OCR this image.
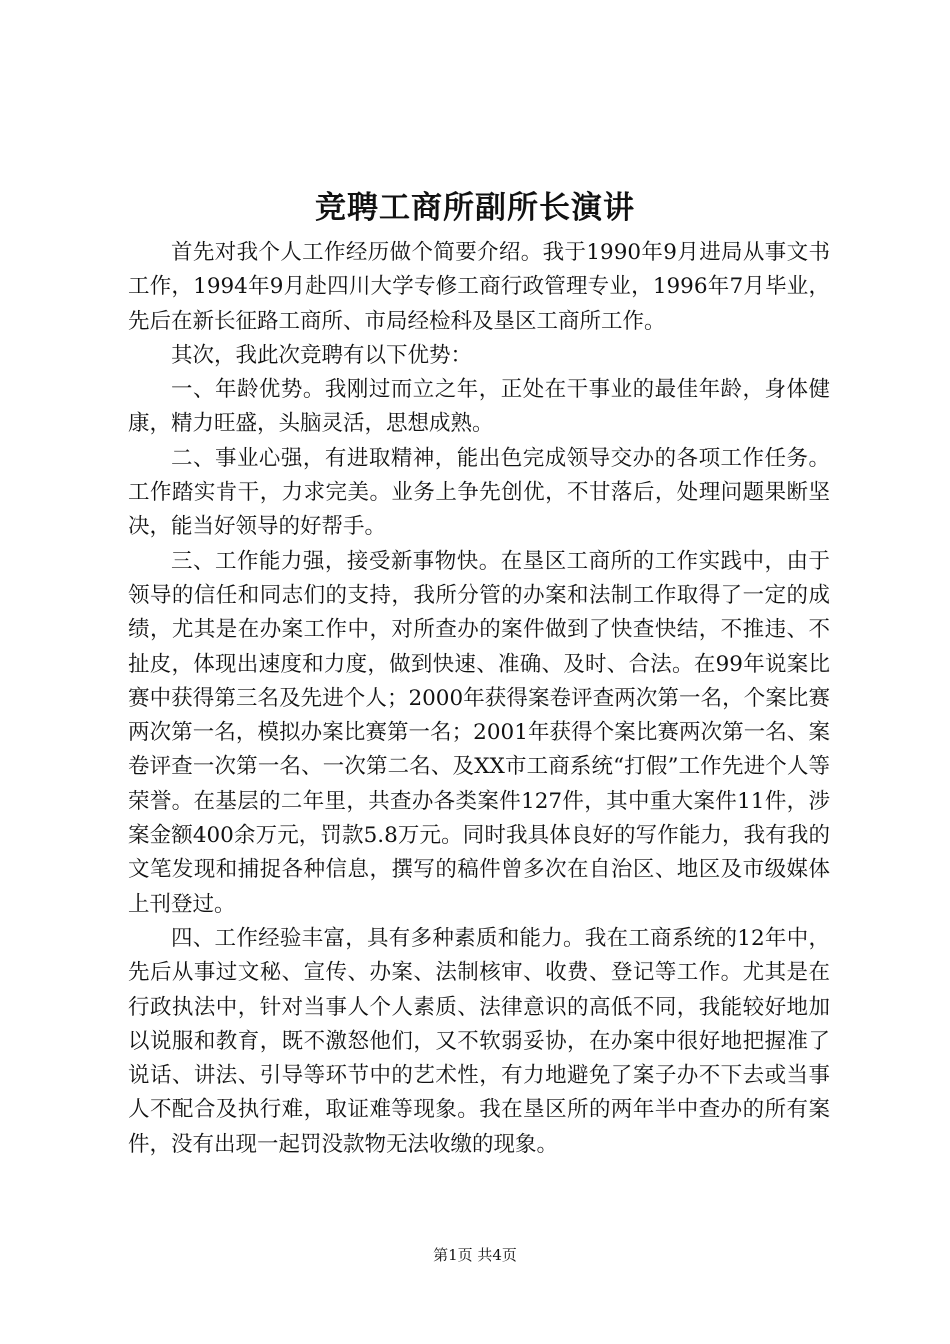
竞聘工商所副所长演讲

首先对我个人工作经历做个简要介绍。我于1990年9月进局从事文书工作，1994年9月赴四川大学专修工商行政管理专业，1996年7月毕业，先后在新长征路工商所、市局经检科及垦区工商所工作。

其次，我此次竞聘有以下优势：

一、年龄优势。我刚过而立之年，正处在干事业的最佳年龄，身体健康，精力旺盛，头脑灵活，思想成熟。

二、事业心强，有进取精神，能出色完成领导交办的各项工作任务。工作踏实肯干，力求完美。业务上争先创优，不甘落后，处理问题果断坚决，能当好领导的好帮手。

三、工作能力强，接受新事物快。在垦区工商所的工作实践中，由于领导的信任和同志们的支持，我所分管的办案和法制工作取得了一定的成绩，尤其是在办案工作中，对所查办的案件做到了快查快结，不推违、不扯皮，体现出速度和力度，做到快速、准确、及时、合法。在99年说案比赛中获得第三名及先进个人；2000年获得案卷评查两次第一名，个案比赛两次第一名，模拟办案比赛第一名；2001年获得个案比赛两次第一名、案卷评查一次第一名、一次第二名、及XX市工商系统“打假”工作先进个人等荣誉。在基层的二年里，共查办各类案件127件，其中重大案件11件，涉案金额400余万元，罚款5.8万元。同时我具体良好的写作能力，我有我的文笔发现和捕捉各种信息，撰写的稿件曾多次在自治区、地区及市级媒体上刊登过。

四、工作经验丰富，具有多种素质和能力。我在工商系统的12年中，先后从事过文秘、宣传、办案、法制核审、收费、登记等工作。尤其是在行政执法中，针对当事人个人素质、法律意识的高低不同，我能较好地加以说服和教育，既不激怒他们，又不软弱妥协，在办案中很好地把握准了说话、讲法、引导等环节中的艺术性，有力地避免了案子办不下去或当事人不配合及执行难，取证难等现象。我在垦区所的两年半中查办的所有案件，没有出现一起罚没款物无法收缴的现象。

第1页 共4页
